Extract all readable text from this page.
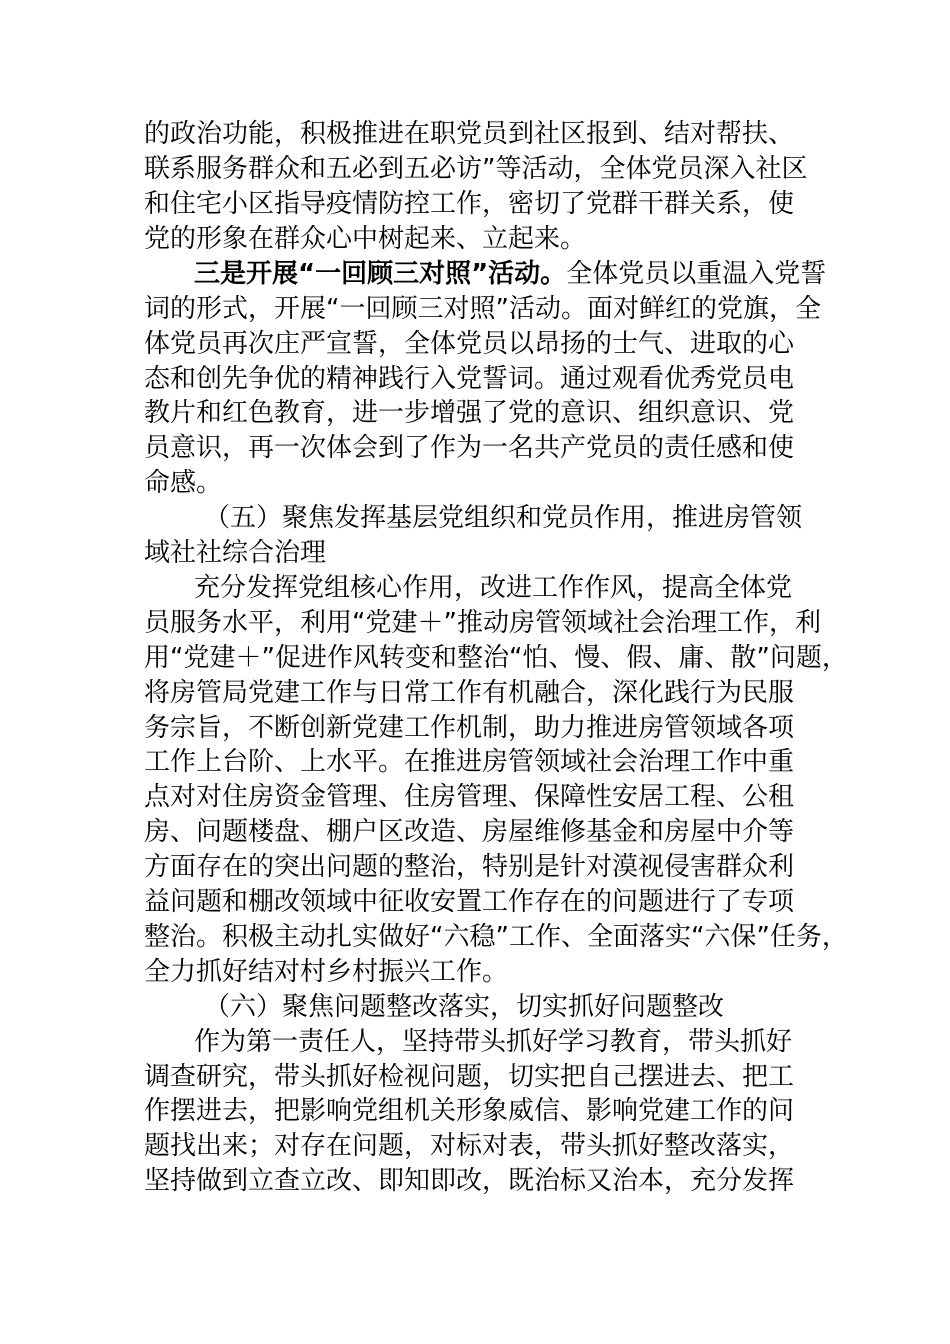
的政治功能，积极推进在职党员到社区报到、结对帮扶、
联系服务群众和五必到五必访”等活动，全体党员深入社区
和住宅小区指导疫情防控工作，密切了党群干群关系，使
党的形象在群众心中树起来、立起来。
三是开展“一回顾三对照”活动。全体党员以重温入党誓
词的形式，开展“一回顾三对照”活动。面对鲜红的党旗，全
体党员再次庄严宣誓，全体党员以昂扬的士气、进取的心
态和创先争优的精神践行入党誓词。通过观看优秀党员电
教片和红色教育，进一步增强了党的意识、组织意识、党
员意识，再一次体会到了作为一名共产党员的责任感和使
命感。
（五）聚焦发挥基层党组织和党员作用，推进房管领
域社社综合治理
充分发挥党组核心作用，改进工作作风，提高全体党
员服务水平，利用“党建＋”推动房管领域社会治理工作，利
用“党建＋”促进作风转变和整治“怕、慢、假、庸、散”问题，
将房管局党建工作与日常工作有机融合，深化践行为民服
务宗旨，不断创新党建工作机制，助力推进房管领域各项
工作上台阶、上水平。在推进房管领域社会治理工作中重
点对对住房资金管理、住房管理、保障性安居工程、公租
房、问题楼盘、棚户区改造、房屋维修基金和房屋中介等
方面存在的突出问题的整治，特别是针对漠视侵害群众利
益问题和棚改领域中征收安置工作存在的问题进行了专项
整治。积极主动扎实做好“六稳”工作、全面落实“六保”任务，
全力抓好结对村乡村振兴工作。
（六）聚焦问题整改落实，切实抓好问题整改
作为第一责任人，坚持带头抓好学习教育，带头抓好
调查研究，带头抓好检视问题，切实把自己摆进去、把工
作摆进去，把影响党组机关形象威信、影响党建工作的问
题找出来；对存在问题，对标对表，带头抓好整改落实，
坚持做到立查立改、即知即改，既治标又治本，充分发挥
